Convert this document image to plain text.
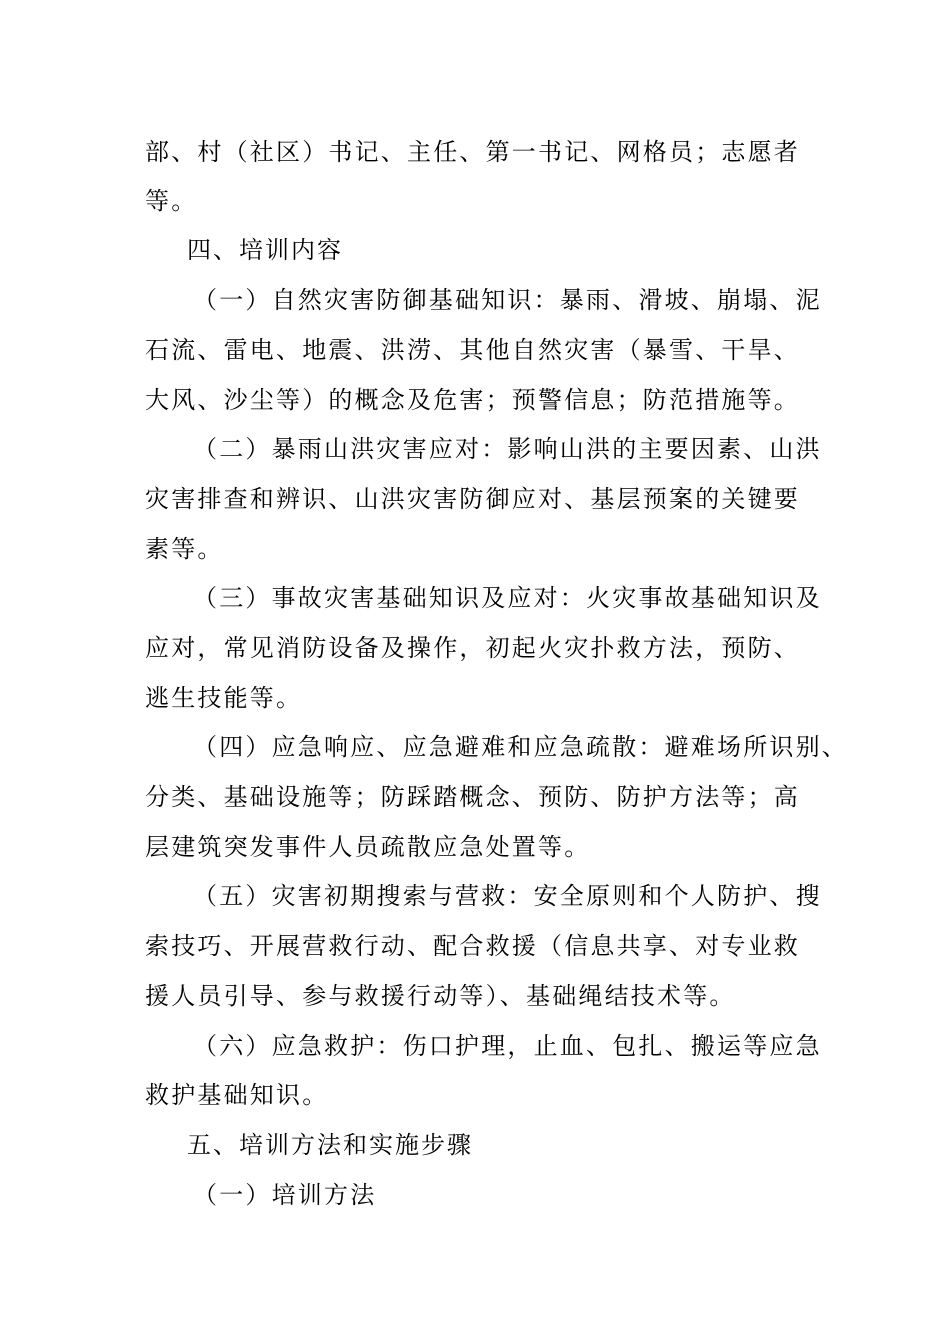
部、村（社区）书记、主任、第一书记、网格员；志愿者
等。
四、培训内容
（一）自然灾害防御基础知识：暴雨、滑坡、崩塌、泥
石流、雷电、地震、洪涝、其他自然灾害（暴雪、干旱、
大风、沙尘等）的概念及危害；预警信息；防范措施等。
（二）暴雨山洪灾害应对：影响山洪的主要因素、山洪
灾害排查和辨识、山洪灾害防御应对、基层预案的关键要
素等。
（三）事故灾害基础知识及应对：火灾事故基础知识及
应对，常见消防设备及操作，初起火灾扑救方法，预防、
逃生技能等。
（四）应急响应、应急避难和应急疏散：避难场所识别、
分类、基础设施等；防踩踏概念、预防、防护方法等；高
层建筑突发事件人员疏散应急处置等。
（五）灾害初期搜索与营救：安全原则和个人防护、搜
索技巧、开展营救行动、配合救援（信息共享、对专业救
援人员引导、参与救援行动等）、基础绳结技术等。
（六）应急救护：伤口护理，止血、包扎、搬运等应急
救护基础知识。
五、培训方法和实施步骤
（一）培训方法
